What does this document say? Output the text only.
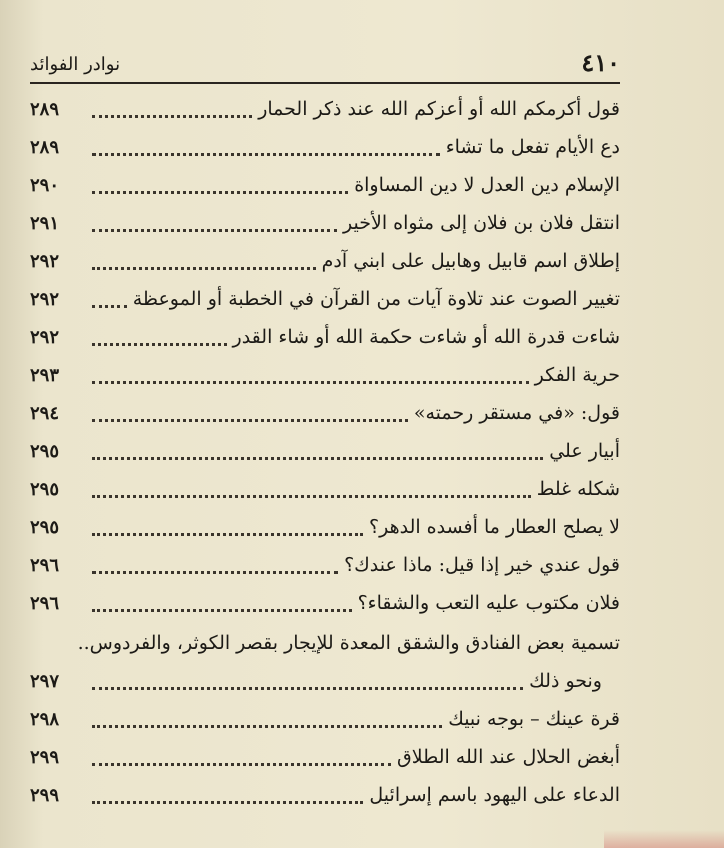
٤١٠
نوادر الفوائد
قول أكرمكم الله أو أعزكم الله عند ذكر الحمار
٢٨٩
دع الأيام تفعل ما تشاء
٢٨٩
الإسلام دين العدل لا دين المساواة
٢٩٠
انتقل فلان بن فلان إلى مثواه الأخير
٢٩١
إطلاق اسم قابيل وهابيل على ابني آدم
٢٩٢
تغيير الصوت عند تلاوة آيات من القرآن في الخطبة أو الموعظة
٢٩٢
شاءت قدرة الله أو شاءت حكمة الله أو شاء القدر
٢٩٢
حرية الفكر
٢٩٣
قول: «في مستقر رحمته»
٢٩٤
أبيار علي
٢٩٥
شكله غلط
٢٩٥
لا يصلح العطار ما أفسده الدهر؟
٢٩٥
قول عندي خير إذا قيل: ماذا عندك؟
٢٩٦
فلان مكتوب عليه التعب والشقاء؟
٢٩٦
تسمية بعض الفنادق والشقق المعدة للإيجار بقصر الكوثر، والفردوس..
ونحو ذلك
٢٩٧
قرة عينك – بوجه نبيك
٢٩٨
أبغض الحلال عند الله الطلاق
٢٩٩
الدعاء على اليهود باسم إسرائيل
٢٩٩
